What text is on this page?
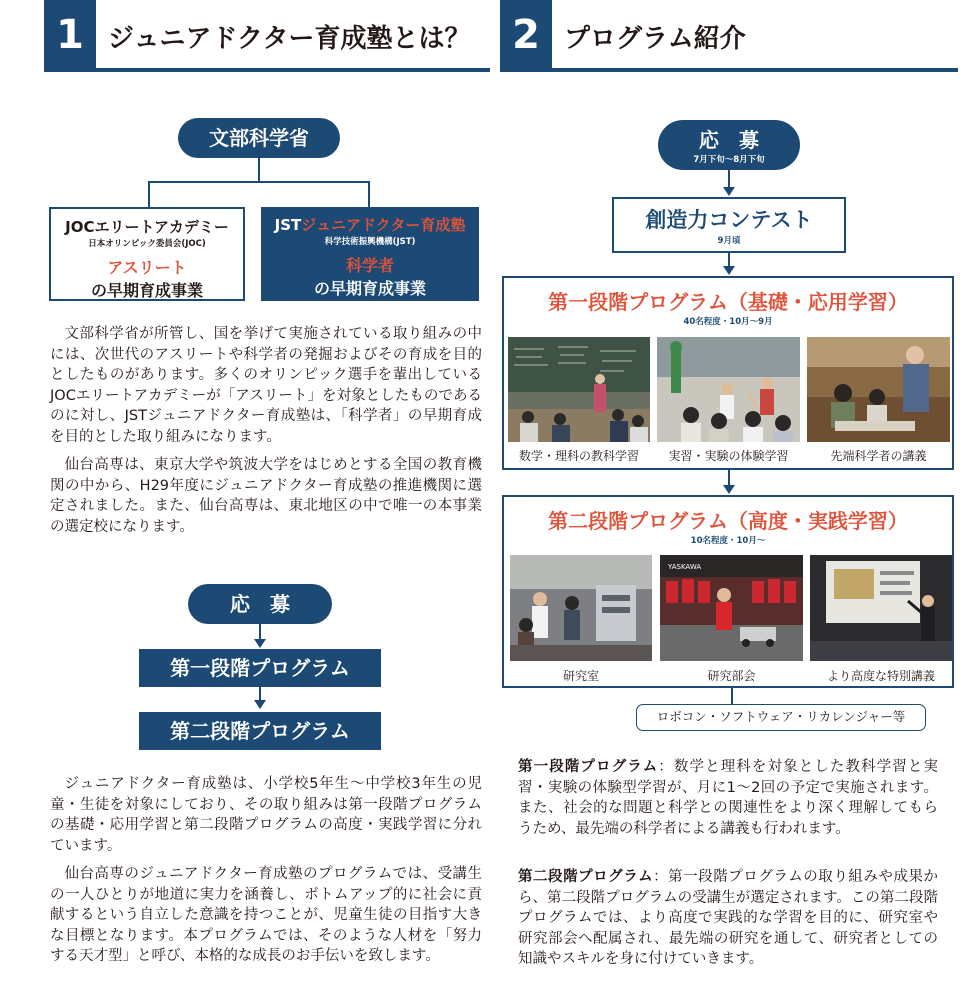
1 ジュニアドクター育成塾とは？
文部科学省
JOCエリートアカデミー
日本オリンピック委員会(JOC)
アスリート
の早期育成事業
JSTジュニアドクター育成塾
科学技術振興機構(JST)
科学者
の早期育成事業

文部科学省が所管し、国を挙げて実施されている取り組みの中には、次世代のアスリートや科学者の発掘およびその育成を目的としたものがあります。多くのオリンピック選手を輩出しているJOCエリートアカデミーが「アスリート」を対象としたものであるのに対し、JSTジュニアドクター育成塾は、「科学者」の早期育成を目的とした取り組みになります。

仙台高専は、東京大学や筑波大学をはじめとする全国の教育機関の中から、H29年度にジュニアドクター育成塾の推進機関に選定されました。また、仙台高専は、東北地区の中で唯一の本事業の選定校になります。

応　募
第一段階プログラム
第二段階プログラム

ジュニアドクター育成塾は、小学校5年生〜中学校3年生の児童・生徒を対象にしており、その取り組みは第一段階プログラムの基礎・応用学習と第二段階プログラムの高度・実践学習に分れています。

仙台高専のジュニアドクター育成塾のプログラムでは、受講生の一人ひとりが地道に実力を涵養し、ボトムアップ的に社会に貢献するという自立した意識を持つことが、児童生徒の目指す大きな目標となります。本プログラムでは、そのような人材を「努力する天才型」と呼び、本格的な成長のお手伝いを致します。

2 プログラム紹介
応　募
7月下旬〜8月下旬
創造力コンテスト
9月頃
第一段階プログラム（基礎・応用学習）
40名程度・10月〜9月
数学・理科の教科学習	実習・実験の体験学習	先端科学者の講義
第二段階プログラム（高度・実践学習）
10名程度・10月〜
YASKAWA
研究室	研究部会	より高度な特別講義
ロボコン・ソフトウェア・リカレンジャー等
第一段階プログラム：数学と理科を対象とした教科学習と実習・実験の体験型学習が、月に1〜2回の予定で実施されます。また、社会的な問題と科学との関連性をより深く理解してもらうため、最先端の科学者による講義も行われます。
第二段階プログラム：第一段階プログラムの取り組みや成果から、第二段階プログラムの受講生が選定されます。この第二段階プログラムでは、より高度で実践的な学習を目的に、研究室や研究部会へ配属され、最先端の研究を通して、研究者としての知識やスキルを身に付けていきます。
